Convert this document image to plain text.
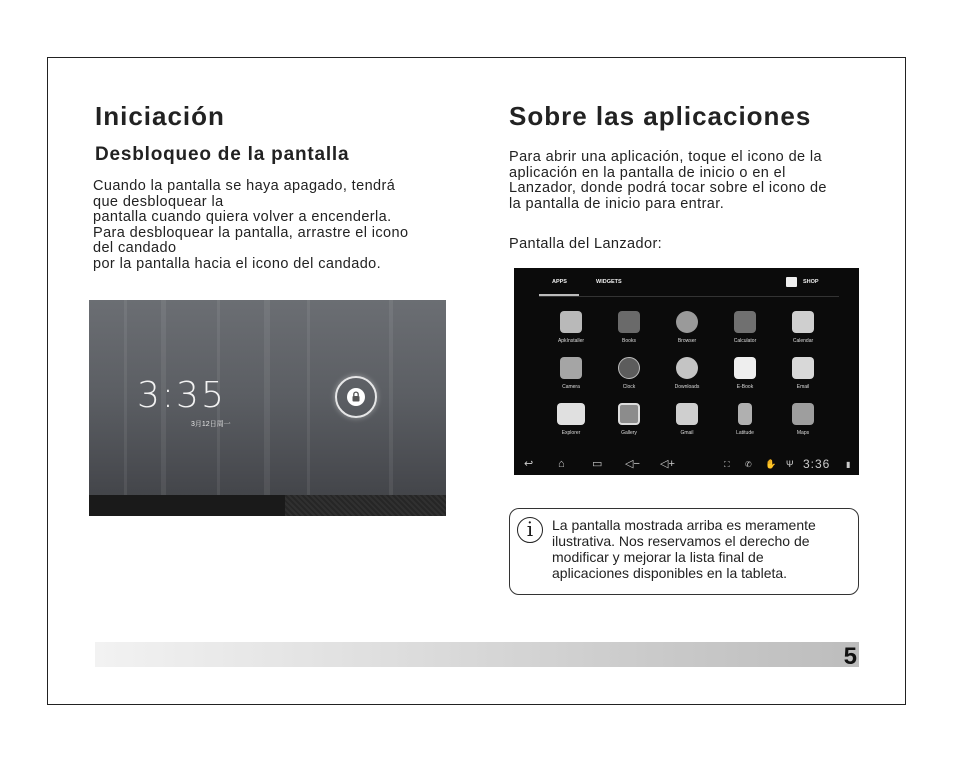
Iniciación
Desbloqueo de la pantalla

Cuando la pantalla se haya apagado, tendrá

que desbloquear la

pantalla cuando quiera volver a encenderla.

Para desbloquear la pantalla, arrastre el icono

del candado

por la pantalla hacia el icono del candado.

3:35
3月12日周一
Sobre las aplicaciones

Para abrir una aplicación, toque el icono de la

aplicación en la pantalla de inicio o en el

Lanzador, donde podrá tocar sobre el icono de

la pantalla de inicio para entrar.

Pantalla del Lanzador:
APPS	WIDGETS	SHOP
ApkInstaller	Books	Browser	Calculator	Calendar
Camera	Clock	Downloads	E-Book	Email
Explorer	Gallery	Gmail	Latitude	Maps
↩ ⌂ ▭ ◁− ◁+	⛶ ✆ ✋ Ψ 3:36 ▮
i	La pantalla mostrada arriba es meramente
ilustrativa. Nos reservamos el derecho de
modificar y mejorar la lista final de
aplicaciones disponibles en la tableta.
5
